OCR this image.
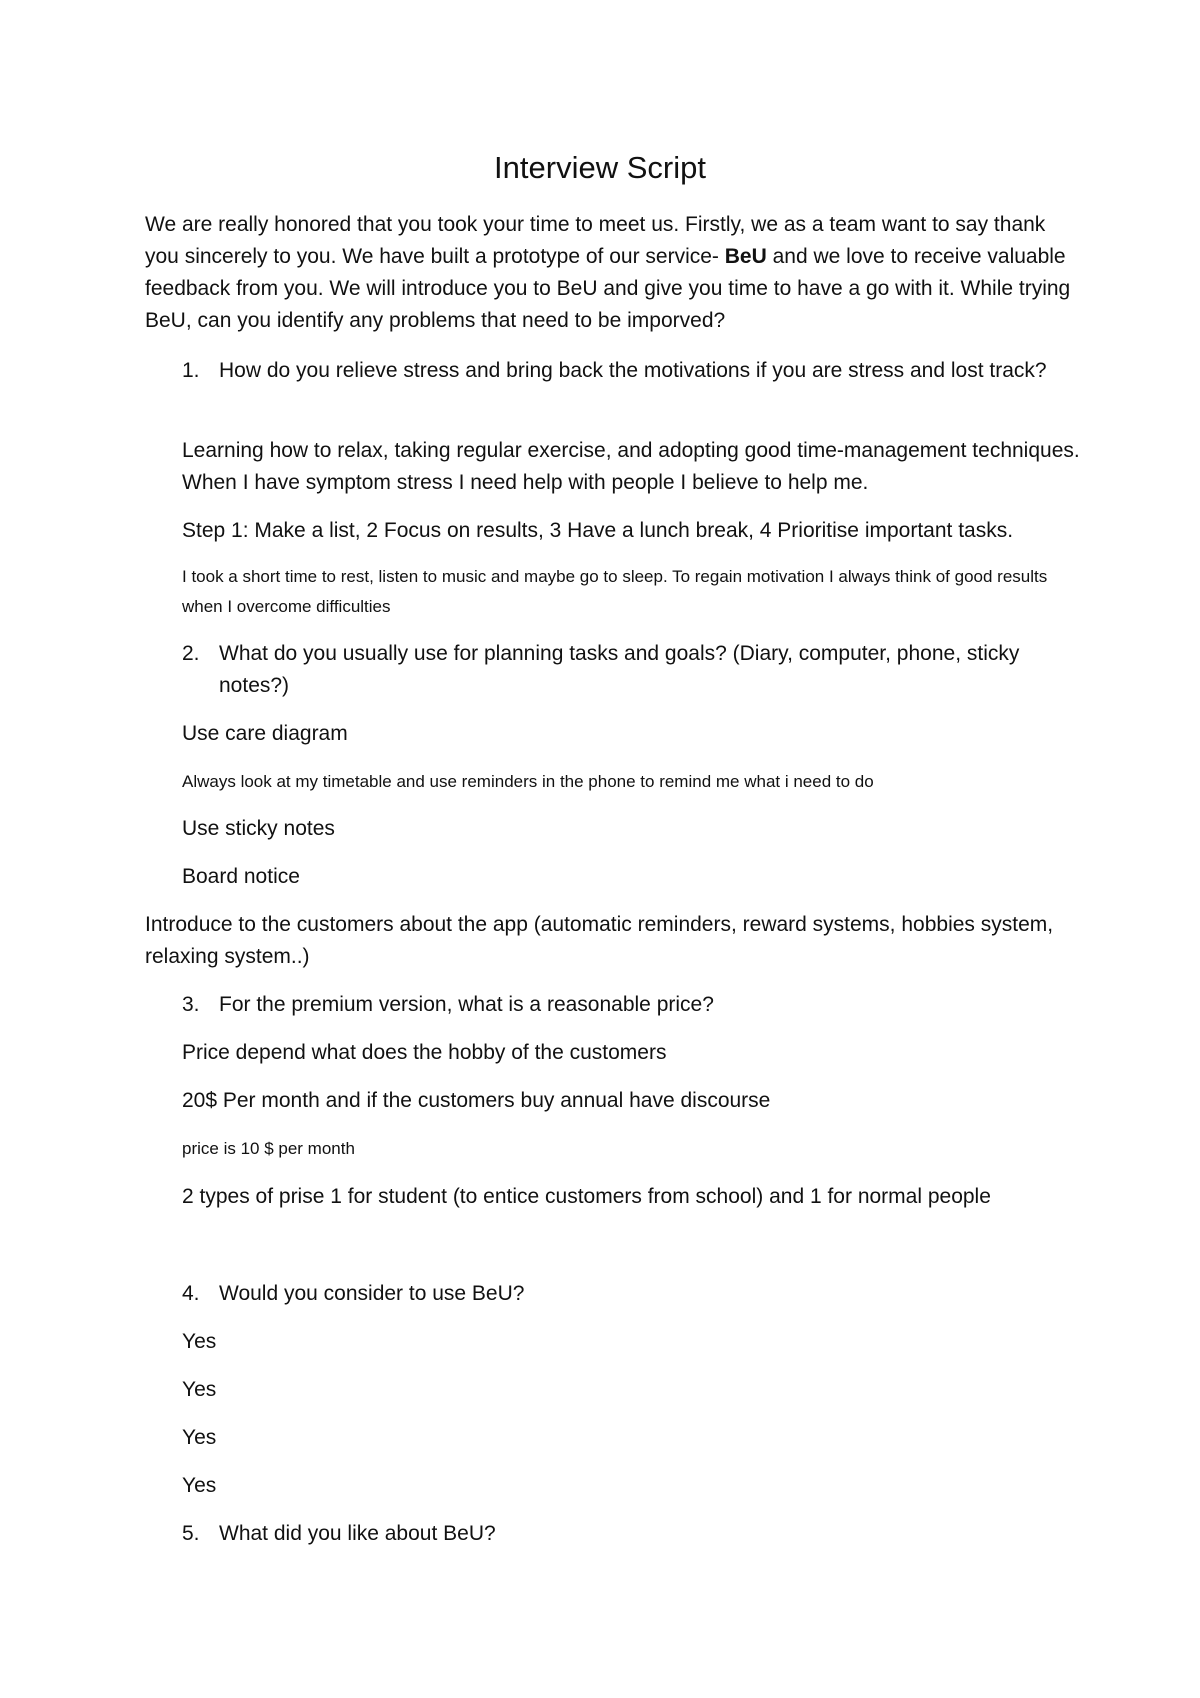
Interview Script
We are really honored that you took your time to meet us. Firstly, we as a team want to say thank you sincerely to you. We have built a prototype of our service- BeU and we love to receive valuable feedback from you. We will introduce you to BeU and give you time to have a go with it. While trying BeU, can you identify any problems that need to be imporved?
1. How do you relieve stress and bring back the motivations if you are stress and lost track?
Learning how to relax, taking regular exercise, and adopting good time-management techniques. When I have symptom stress I need help with people I believe to help me.
Step 1: Make a list, 2 Focus on results, 3 Have a lunch break, 4 Prioritise important tasks.
I took a short time to rest, listen to music and maybe go to sleep. To regain motivation I always think of good results when I overcome difficulties
2. What do you usually use for planning tasks and goals? (Diary, computer, phone, sticky notes?)
Use care diagram
Always look at my timetable and use reminders in the phone to remind me what i need to do
Use sticky notes
Board notice
Introduce to the customers about the app (automatic reminders, reward systems, hobbies system, relaxing system..)
3. For the premium version, what is a reasonable price?
Price depend what does the hobby of the customers
20$ Per month and if the customers buy annual have discourse
price is 10 $ per month
2 types of prise 1 for student (to entice customers from school) and 1 for normal people
4. Would you consider to use BeU?
Yes
Yes
Yes
Yes
5. What did you like about BeU?
